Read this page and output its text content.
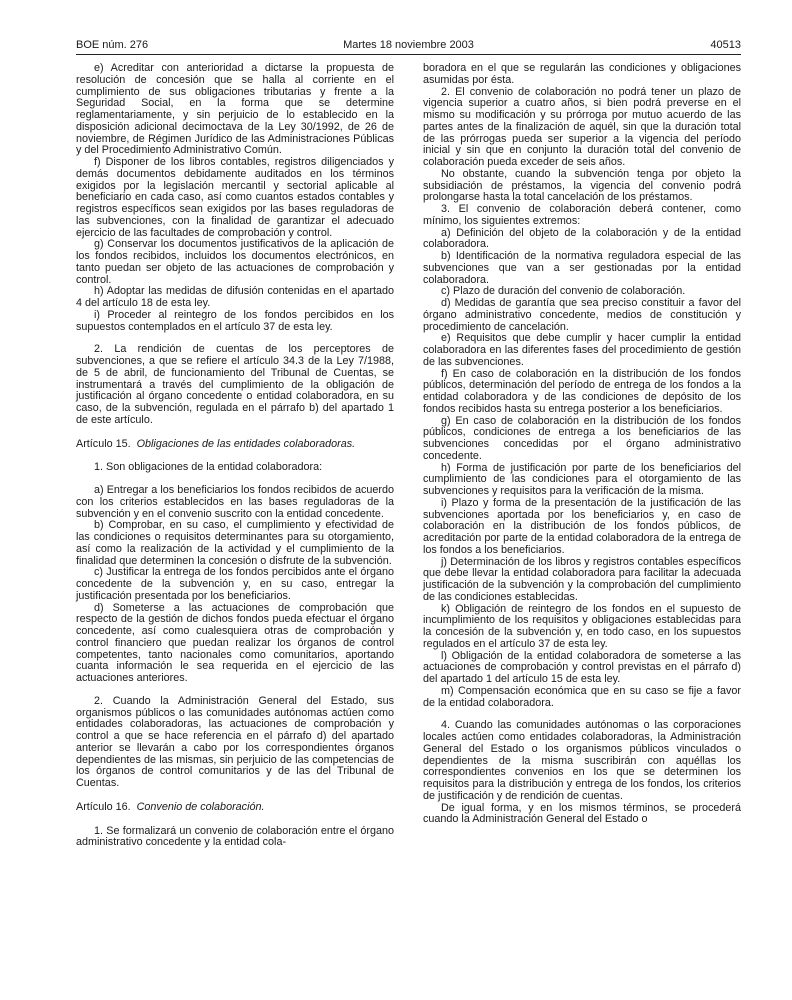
BOE núm. 276	Martes 18 noviembre 2003	40513

e) Acreditar con anterioridad a dictarse la propuesta de resolución de concesión que se halla al corriente en el cumplimiento de sus obligaciones tributarias y frente a la Seguridad Social, en la forma que se determine reglamentariamente, y sin perjuicio de lo establecido en la disposición adicional decimoctava de la Ley 30/1992, de 26 de noviembre, de Régimen Jurídico de las Administraciones Públicas y del Procedimiento Administrativo Común.

f) Disponer de los libros contables, registros diligenciados y demás documentos debidamente auditados en los términos exigidos por la legislación mercantil y sectorial aplicable al beneficiario en cada caso, así como cuantos estados contables y registros específicos sean exigidos por las bases reguladoras de las subvenciones, con la finalidad de garantizar el adecuado ejercicio de las facultades de comprobación y control.

g) Conservar los documentos justificativos de la aplicación de los fondos recibidos, incluidos los documentos electrónicos, en tanto puedan ser objeto de las actuaciones de comprobación y control.

h) Adoptar las medidas de difusión contenidas en el apartado 4 del artículo 18 de esta ley.

i) Proceder al reintegro de los fondos percibidos en los supuestos contemplados en el artículo 37 de esta ley.

2. La rendición de cuentas de los perceptores de subvenciones, a que se refiere el artículo 34.3 de la Ley 7/1988, de 5 de abril, de funcionamiento del Tribunal de Cuentas, se instrumentará a través del cumplimiento de la obligación de justificación al órgano concedente o entidad colaboradora, en su caso, de la subvención, regulada en el párrafo b) del apartado 1 de este artículo.

Artículo 15. Obligaciones de las entidades colaboradoras.

1. Son obligaciones de la entidad colaboradora:

a) Entregar a los beneficiarios los fondos recibidos de acuerdo con los criterios establecidos en las bases reguladoras de la subvención y en el convenio suscrito con la entidad concedente.

b) Comprobar, en su caso, el cumplimiento y efectividad de las condiciones o requisitos determinantes para su otorgamiento, así como la realización de la actividad y el cumplimiento de la finalidad que determinen la concesión o disfrute de la subvención.

c) Justificar la entrega de los fondos percibidos ante el órgano concedente de la subvención y, en su caso, entregar la justificación presentada por los beneficiarios.

d) Someterse a las actuaciones de comprobación que respecto de la gestión de dichos fondos pueda efectuar el órgano concedente, así como cualesquiera otras de comprobación y control financiero que puedan realizar los órganos de control competentes, tanto nacionales como comunitarios, aportando cuanta información le sea requerida en el ejercicio de las actuaciones anteriores.

2. Cuando la Administración General del Estado, sus organismos públicos o las comunidades autónomas actúen como entidades colaboradoras, las actuaciones de comprobación y control a que se hace referencia en el párrafo d) del apartado anterior se llevarán a cabo por los correspondientes órganos dependientes de las mismas, sin perjuicio de las competencias de los órganos de control comunitarios y de las del Tribunal de Cuentas.

Artículo 16. Convenio de colaboración.

1. Se formalizará un convenio de colaboración entre el órgano administrativo concedente y la entidad cola-

boradora en el que se regularán las condiciones y obligaciones asumidas por ésta.

2. El convenio de colaboración no podrá tener un plazo de vigencia superior a cuatro años, si bien podrá preverse en el mismo su modificación y su prórroga por mutuo acuerdo de las partes antes de la finalización de aquél, sin que la duración total de las prórrogas pueda ser superior a la vigencia del período inicial y sin que en conjunto la duración total del convenio de colaboración pueda exceder de seis años.

No obstante, cuando la subvención tenga por objeto la subsidiación de préstamos, la vigencia del convenio podrá prolongarse hasta la total cancelación de los préstamos.

3. El convenio de colaboración deberá contener, como mínimo, los siguientes extremos:

a) Definición del objeto de la colaboración y de la entidad colaboradora.

b) Identificación de la normativa reguladora especial de las subvenciones que van a ser gestionadas por la entidad colaboradora.

c) Plazo de duración del convenio de colaboración.

d) Medidas de garantía que sea preciso constituir a favor del órgano administrativo concedente, medios de constitución y procedimiento de cancelación.

e) Requisitos que debe cumplir y hacer cumplir la entidad colaboradora en las diferentes fases del procedimiento de gestión de las subvenciones.

f) En caso de colaboración en la distribución de los fondos públicos, determinación del período de entrega de los fondos a la entidad colaboradora y de las condiciones de depósito de los fondos recibidos hasta su entrega posterior a los beneficiarios.

g) En caso de colaboración en la distribución de los fondos públicos, condiciones de entrega a los beneficiarios de las subvenciones concedidas por el órgano administrativo concedente.

h) Forma de justificación por parte de los beneficiarios del cumplimiento de las condiciones para el otorgamiento de las subvenciones y requisitos para la verificación de la misma.

i) Plazo y forma de la presentación de la justificación de las subvenciones aportada por los beneficiarios y, en caso de colaboración en la distribución de los fondos públicos, de acreditación por parte de la entidad colaboradora de la entrega de los fondos a los beneficiarios.

j) Determinación de los libros y registros contables específicos que debe llevar la entidad colaboradora para facilitar la adecuada justificación de la subvención y la comprobación del cumplimiento de las condiciones establecidas.

k) Obligación de reintegro de los fondos en el supuesto de incumplimiento de los requisitos y obligaciones establecidas para la concesión de la subvención y, en todo caso, en los supuestos regulados en el artículo 37 de esta ley.

l) Obligación de la entidad colaboradora de someterse a las actuaciones de comprobación y control previstas en el párrafo d) del apartado 1 del artículo 15 de esta ley.

m) Compensación económica que en su caso se fije a favor de la entidad colaboradora.

4. Cuando las comunidades autónomas o las corporaciones locales actúen como entidades colaboradoras, la Administración General del Estado o los organismos públicos vinculados o dependientes de la misma suscribirán con aquéllas los correspondientes convenios en los que se determinen los requisitos para la distribución y entrega de los fondos, los criterios de justificación y de rendición de cuentas.

De igual forma, y en los mismos términos, se procederá cuando la Administración General del Estado o
